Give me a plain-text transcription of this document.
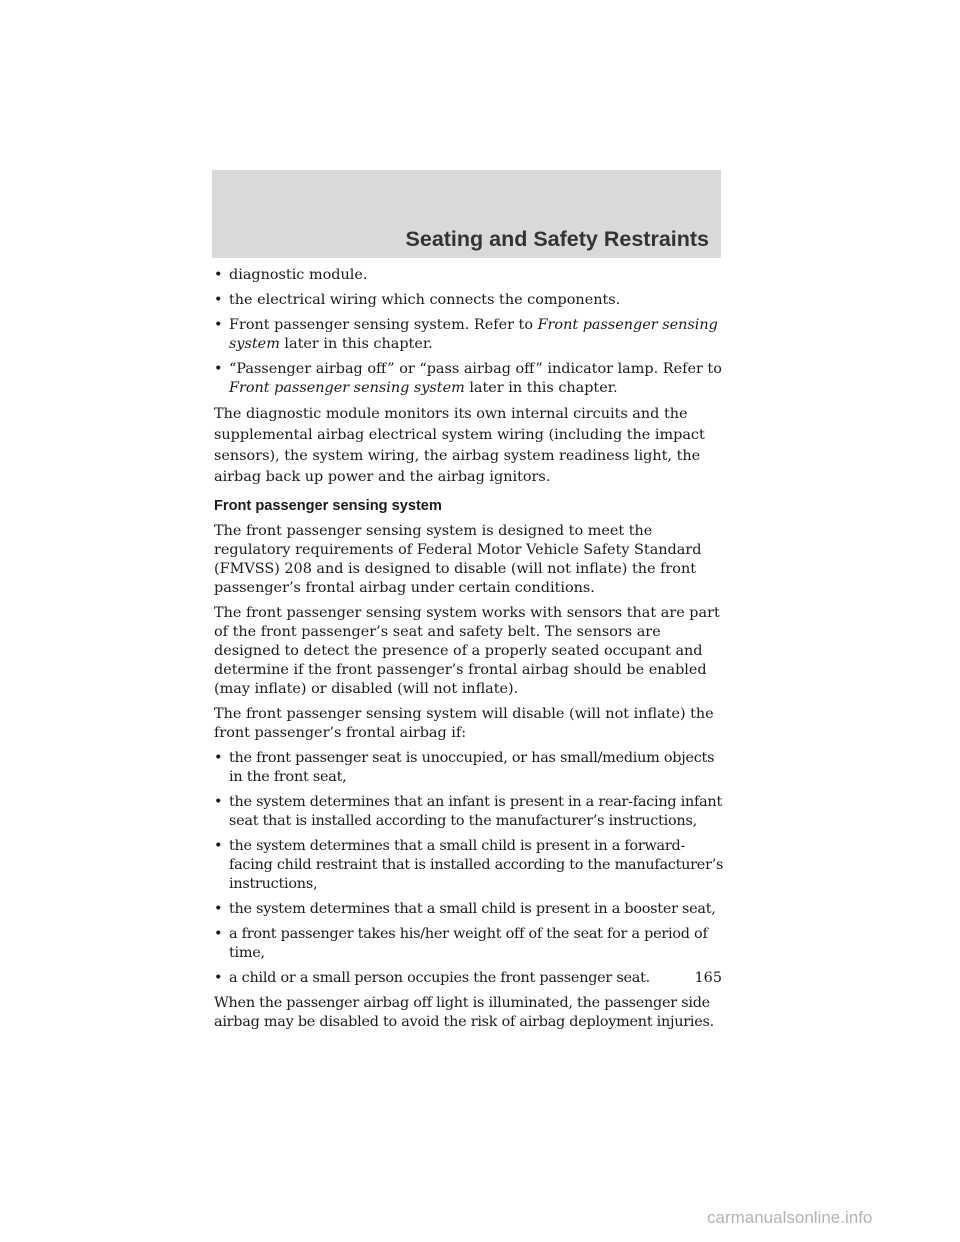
Seating and Safety Restraints
• diagnostic module.
• the electrical wiring which connects the components.
• Front passenger sensing system. Refer to Front passenger sensing system later in this chapter.
• “Passenger airbag off” or “pass airbag off” indicator lamp. Refer to Front passenger sensing system later in this chapter.

The diagnostic module monitors its own internal circuits and the supplemental airbag electrical system wiring (including the impact sensors), the system wiring, the airbag system readiness light, the airbag back up power and the airbag ignitors.

Front passenger sensing system

The front passenger sensing system is designed to meet the regulatory requirements of Federal Motor Vehicle Safety Standard (FMVSS) 208 and is designed to disable (will not inflate) the front passenger’s frontal airbag under certain conditions.

The front passenger sensing system works with sensors that are part of the front passenger’s seat and safety belt. The sensors are designed to detect the presence of a properly seated occupant and determine if the front passenger’s frontal airbag should be enabled (may inflate) or disabled (will not inflate).

The front passenger sensing system will disable (will not inflate) the front passenger’s frontal airbag if:

• the front passenger seat is unoccupied, or has small/medium objects in the front seat,
• the system determines that an infant is present in a rear-facing infant seat that is installed according to the manufacturer’s instructions,
• the system determines that a small child is present in a forward-facing child restraint that is installed according to the manufacturer’s instructions,
• the system determines that a small child is present in a booster seat,
• a front passenger takes his/her weight off of the seat for a period of time,
• a child or a small person occupies the front passenger seat.

When the passenger airbag off light is illuminated, the passenger side airbag may be disabled to avoid the risk of airbag deployment injuries.

165
carmanualsonline.info
